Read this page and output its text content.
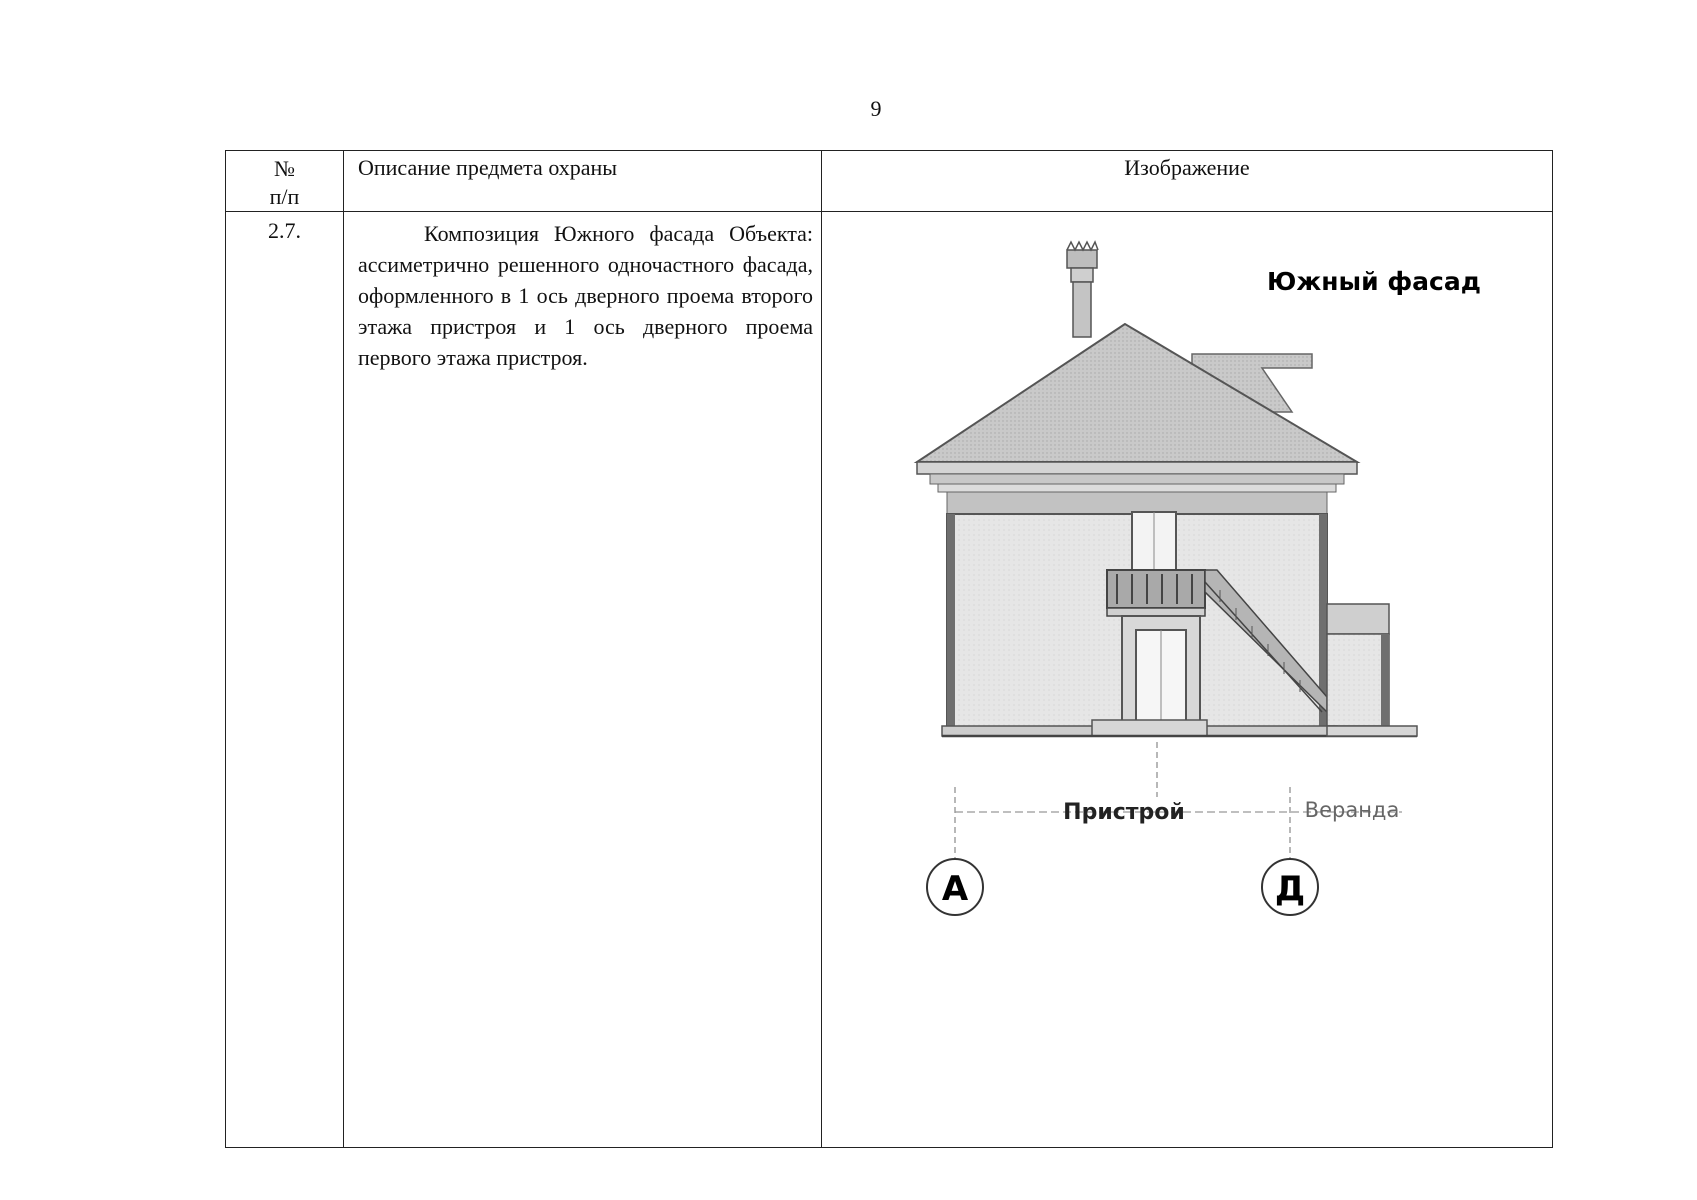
9
№
п/п	Описание предмета охраны	Изображение
2.7.	Композиция Южного фасада Объекта: ассиметрично решенного одночастного фасада, оформленного в 1 ось дверного проема второго этажа пристроя и 1 ось дверного проема первого этажа пристроя.	Южный фасад
Пристрой Веранда
А Д
